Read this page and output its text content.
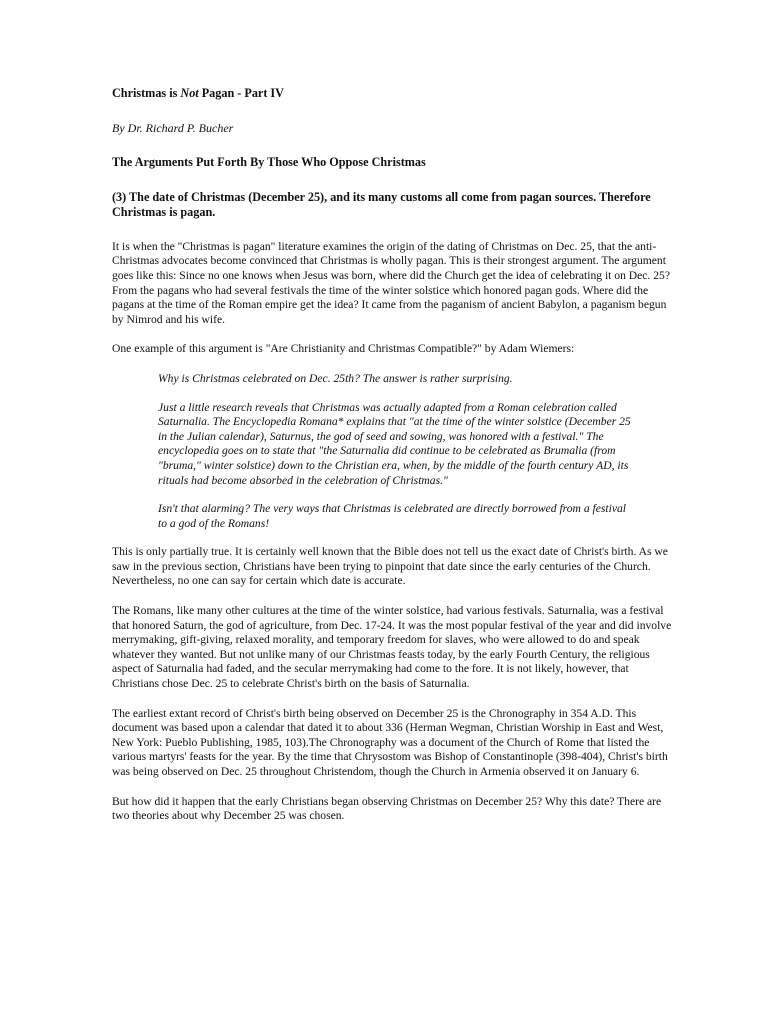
Christmas is Not Pagan - Part IV
By Dr. Richard P. Bucher
The Arguments Put Forth By Those Who Oppose Christmas
(3) The date of Christmas (December 25), and its many customs all come from pagan sources. Therefore Christmas is pagan.

It is when the "Christmas is pagan" literature examines the origin of the dating of Christmas on Dec. 25, that the anti-Christmas advocates become convinced that Christmas is wholly pagan. This is their strongest argument. The argument goes like this: Since no one knows when Jesus was born, where did the Church get the idea of celebrating it on Dec. 25? From the pagans who had several festivals the time of the winter solstice which honored pagan gods. Where did the pagans at the time of the Roman empire get the idea? It came from the paganism of ancient Babylon, a paganism begun by Nimrod and his wife.

One example of this argument is "Are Christianity and Christmas Compatible?" by Adam Wiemers:

Why is Christmas celebrated on Dec. 25th? The answer is rather surprising.

Just a little research reveals that Christmas was actually adapted from a Roman celebration called Saturnalia. The Encyclopedia Romana* explains that "at the time of the winter solstice (December 25 in the Julian calendar), Saturnus, the god of seed and sowing, was honored with a festival." The encyclopedia goes on to state that "the Saturnalia did continue to be celebrated as Brumalia (from "bruma," winter solstice) down to the Christian era, when, by the middle of the fourth century AD, its rituals had become absorbed in the celebration of Christmas."

Isn't that alarming? The very ways that Christmas is celebrated are directly borrowed from a festival to a god of the Romans!

This is only partially true. It is certainly well known that the Bible does not tell us the exact date of Christ's birth. As we saw in the previous section, Christians have been trying to pinpoint that date since the early centuries of the Church. Nevertheless, no one can say for certain which date is accurate.

The Romans, like many other cultures at the time of the winter solstice, had various festivals. Saturnalia, was a festival that honored Saturn, the god of agriculture, from Dec. 17-24. It was the most popular festival of the year and did involve merrymaking, gift-giving, relaxed morality, and temporary freedom for slaves, who were allowed to do and speak whatever they wanted. But not unlike many of our Christmas feasts today, by the early Fourth Century, the religious aspect of Saturnalia had faded, and the secular merrymaking had come to the fore. It is not likely, however, that Christians chose Dec. 25 to celebrate Christ's birth on the basis of Saturnalia.

The earliest extant record of Christ's birth being observed on December 25 is the Chronography in 354 A.D. This document was based upon a calendar that dated it to about 336 (Herman Wegman, Christian Worship in East and West, New York: Pueblo Publishing, 1985, 103).The Chronography was a document of the Church of Rome that listed the various martyrs' feasts for the year. By the time that Chrysostom was Bishop of Constantinople (398-404), Christ's birth was being observed on Dec. 25 throughout Christendom, though the Church in Armenia observed it on January 6.

But how did it happen that the early Christians began observing Christmas on December 25? Why this date? There are two theories about why December 25 was chosen.
